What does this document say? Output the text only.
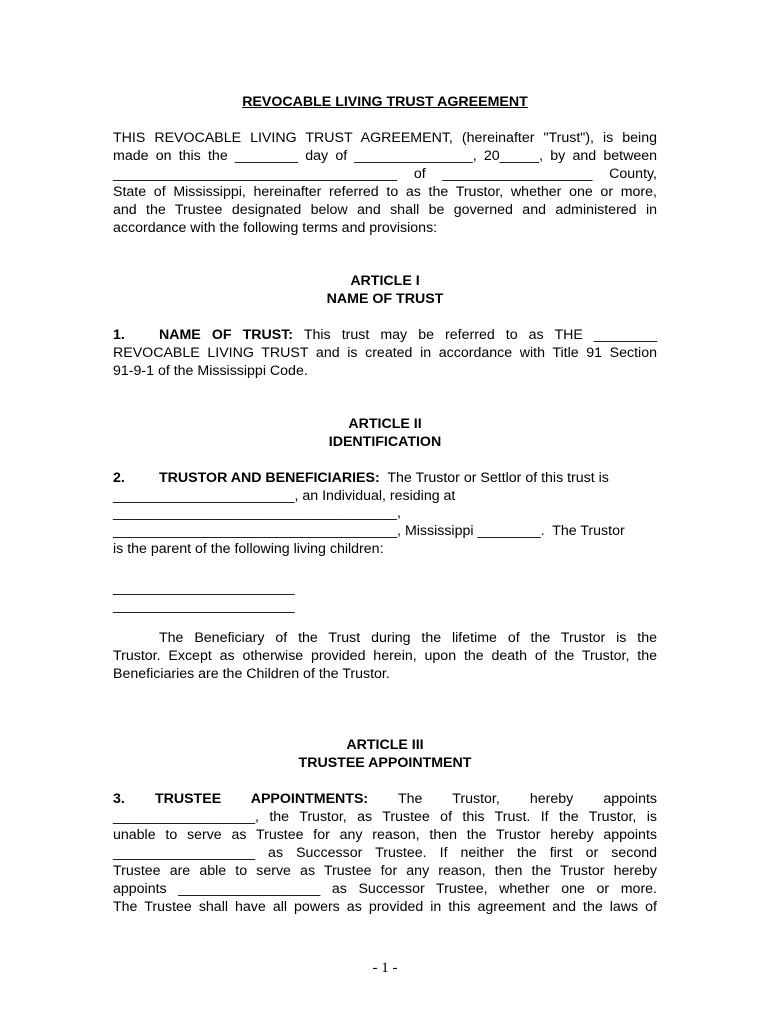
REVOCABLE LIVING TRUST AGREEMENT
THIS REVOCABLE LIVING TRUST AGREEMENT, (hereinafter "Trust"), is being
made on this the ________ day of _______________, 20_____, by and between
____________________________________ of ___________________ County,
State of Mississippi, hereinafter referred to as the Trustor, whether one or more,
and the Trustee designated below and shall be governed and administered in
accordance with the following terms and provisions:
ARTICLE I
NAME OF TRUST
1. NAME OF TRUST: This trust may be referred to as THE ________
REVOCABLE LIVING TRUST and is created in accordance with Title 91 Section
91-9-1 of the Mississippi Code.
ARTICLE II
IDENTIFICATION
2. TRUSTOR AND BENEFICIARIES: The Trustor or Settlor of this trust is
_______________________, an Individual, residing at
____________________________________,
____________________________________, Mississippi ________.  The Trustor
is the parent of the following living children:
_______________________
_______________________
The Beneficiary of the Trust during the lifetime of the Trustor is the
Trustor. Except as otherwise provided herein, upon the death of the Trustor, the
Beneficiaries are the Children of the Trustor.
ARTICLE III
TRUSTEE APPOINTMENT
3. TRUSTEE APPOINTMENTS: The Trustor, hereby appoints
__________________, the Trustor, as Trustee of this Trust. If the Trustor, is
unable to serve as Trustee for any reason, then the Trustor hereby appoints
__________________ as Successor Trustee. If neither the first or second
Trustee are able to serve as Trustee for any reason, then the Trustor hereby
appoints __________________ as Successor Trustee, whether one or more.
The Trustee shall have all powers as provided in this agreement and the laws of
- 1 -
